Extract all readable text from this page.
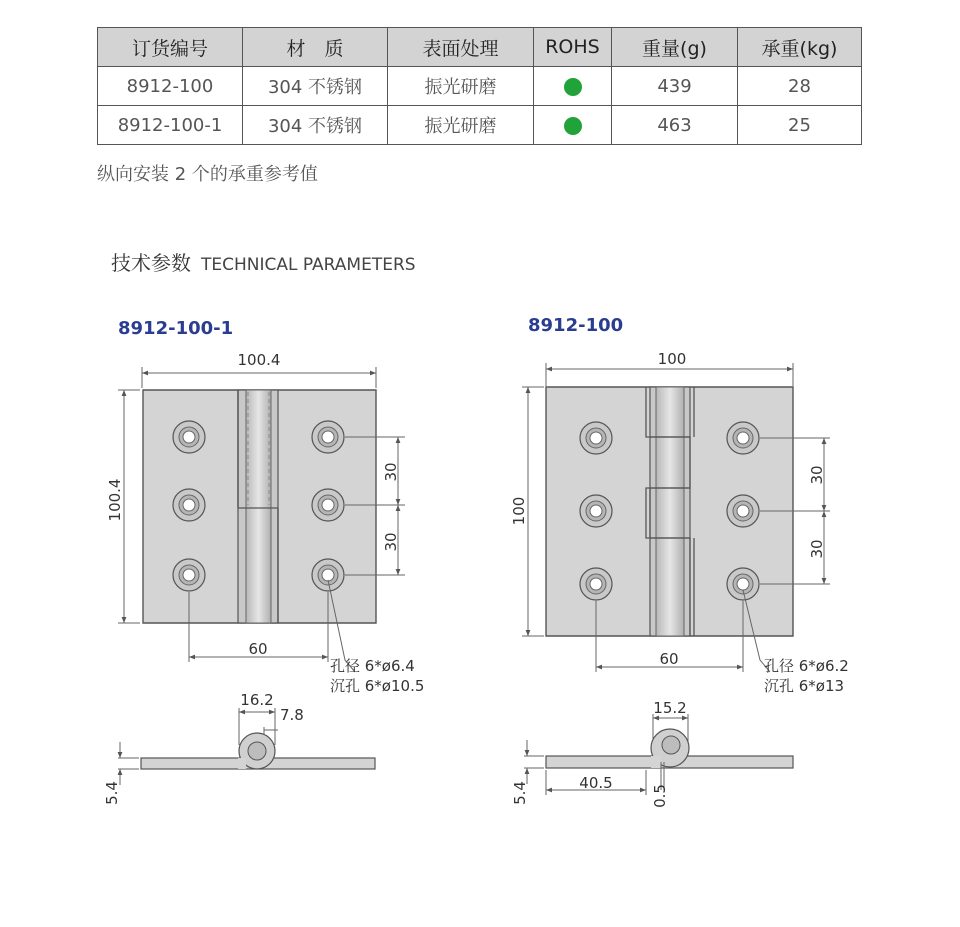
订货编号	材　质	表面处理	ROHS	重量(g)	承重(kg)
8912-100	304 不锈钢	振光研磨		439	28
8912-100-1	304 不锈钢	振光研磨		463	25
纵向安装 2 个的承重参考值
技术参数 TECHNICAL PARAMETERS
8912-100-1
100.4
100.4
30
30
60
孔径 6*ø6.4
沉孔 6*ø10.5
16.2
7.8
5.4
8912-100
100
100
30
30
60	孔径 6*ø6.2
沉孔 6*ø13
15.2
40.5
0.5
5.4
